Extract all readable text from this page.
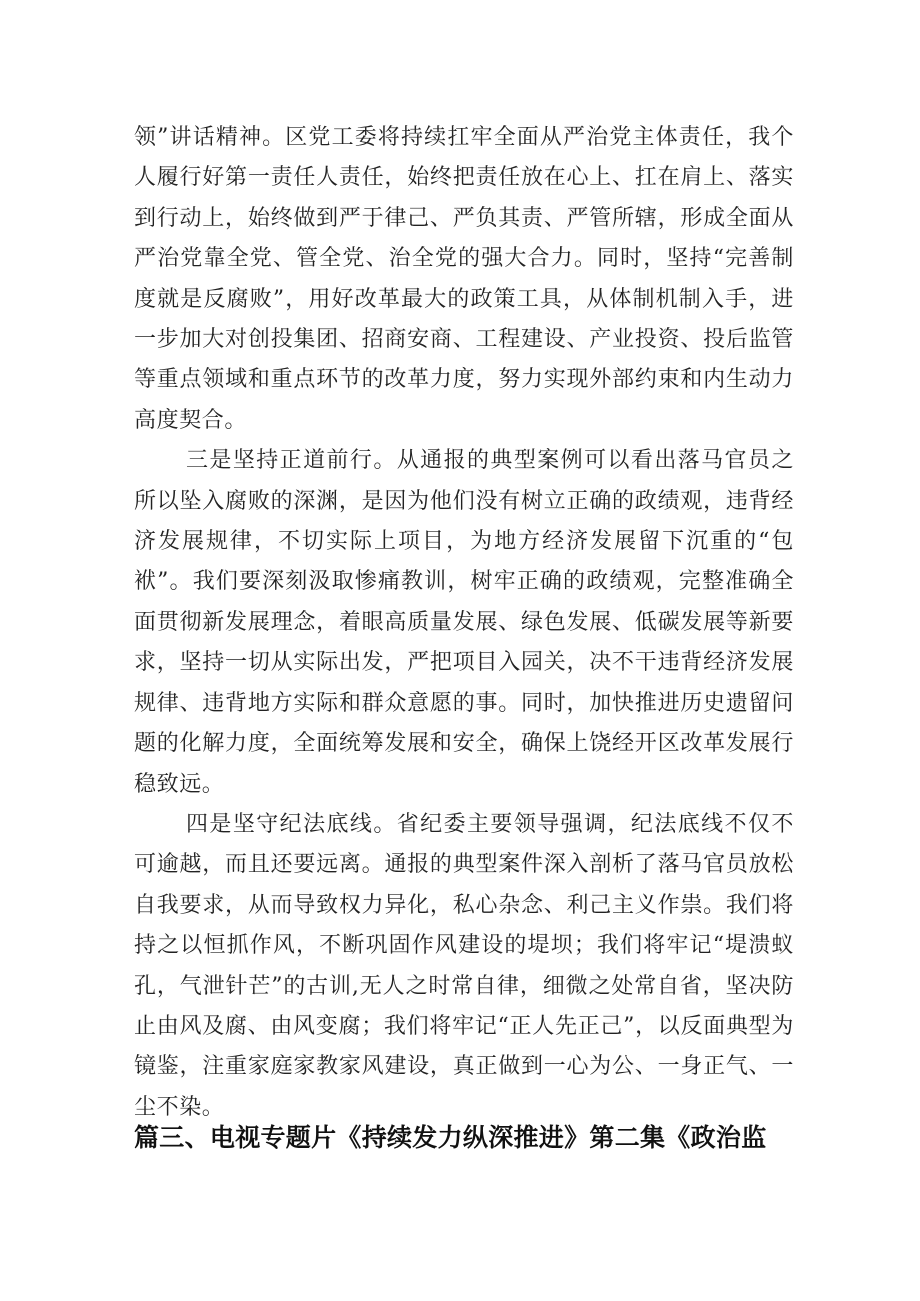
领”讲话精神。区党工委将持续扛牢全面从严治党主体责任，我个人履行好第一责任人责任，始终把责任放在心上、扛在肩上、落实到行动上，始终做到严于律己、严负其责、严管所辖，形成全面从严治党靠全党、管全党、治全党的强大合力。同时，坚持“完善制度就是反腐败”，用好改革最大的政策工具，从体制机制入手，进一步加大对创投集团、招商安商、工程建设、产业投资、投后监管等重点领域和重点环节的改革力度，努力实现外部约束和内生动力高度契合。

三是坚持正道前行。从通报的典型案例可以看出落马官员之所以坠入腐败的深渊，是因为他们没有树立正确的政绩观，违背经济发展规律，不切实际上项目，为地方经济发展留下沉重的“包袱”。我们要深刻汲取惨痛教训，树牢正确的政绩观，完整准确全面贯彻新发展理念，着眼高质量发展、绿色发展、低碳发展等新要求，坚持一切从实际出发，严把项目入园关，决不干违背经济发展规律、违背地方实际和群众意愿的事。同时，加快推进历史遗留问题的化解力度，全面统筹发展和安全，确保上饶经开区改革发展行稳致远。

四是坚守纪法底线。省纪委主要领导强调，纪法底线不仅不可逾越，而且还要远离。通报的典型案件深入剖析了落马官员放松自我要求，从而导致权力异化，私心杂念、利己主义作祟。我们将持之以恒抓作风，不断巩固作风建设的堤坝；我们将牢记“堤溃蚁孔，气泄针芒”的古训,无人之时常自律，细微之处常自省，坚决防止由风及腐、由风变腐；我们将牢记“正人先正己”，以反面典型为镜鉴，注重家庭家教家风建设，真正做到一心为公、一身正气、一尘不染。

篇三、电视专题片《持续发力纵深推进》第二集《政治监
